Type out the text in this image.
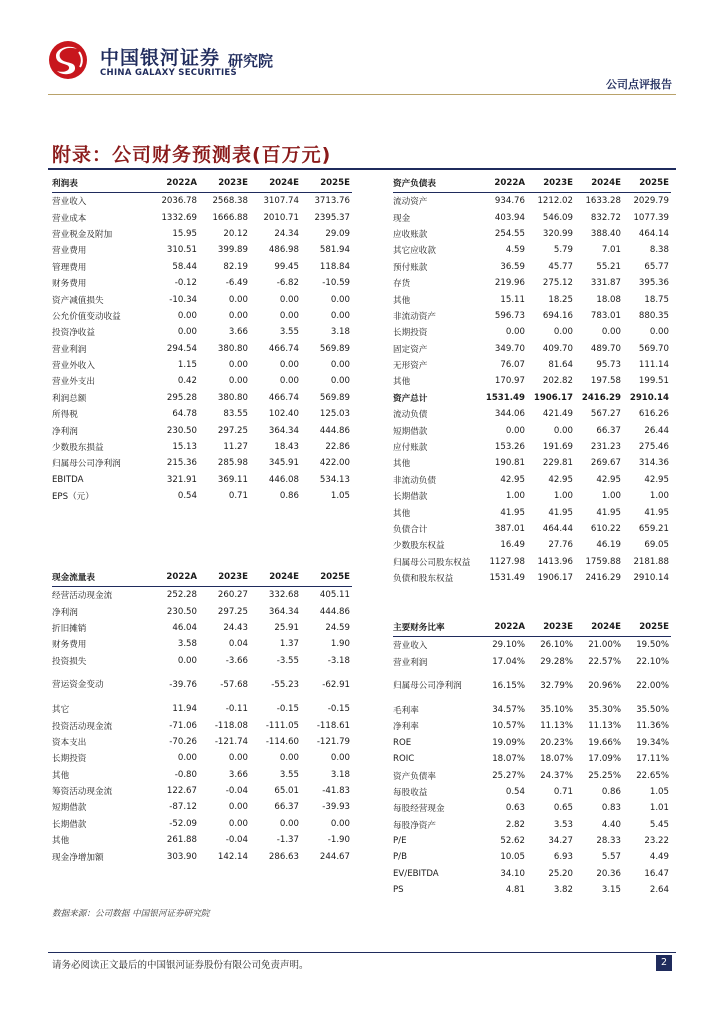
中国银河证券
CHINA GALAXY SECURITIES
研究院
公司点评报告
附录：公司财务预测表(百万元)
利润表	2022A	2023E	2024E	2025E
营业收入	2036.78	2568.38	3107.74	3713.76
营业成本	1332.69	1666.88	2010.71	2395.37
营业税金及附加	15.95	20.12	24.34	29.09
营业费用	310.51	399.89	486.98	581.94
管理费用	58.44	82.19	99.45	118.84
财务费用	-0.12	-6.49	-6.82	-10.59
资产减值损失	-10.34	0.00	0.00	0.00
公允价值变动收益	0.00	0.00	0.00	0.00
投资净收益	0.00	3.66	3.55	3.18
营业利润	294.54	380.80	466.74	569.89
营业外收入	1.15	0.00	0.00	0.00
营业外支出	0.42	0.00	0.00	0.00
利润总额	295.28	380.80	466.74	569.89
所得税	64.78	83.55	102.40	125.03
净利润	230.50	297.25	364.34	444.86
少数股东损益	15.13	11.27	18.43	22.86
归属母公司净利润	215.36	285.98	345.91	422.00
EBITDA	321.91	369.11	446.08	534.13
EPS（元）	0.54	0.71	0.86	1.05
现金流量表	2022A	2023E	2024E	2025E
经营活动现金流	252.28	260.27	332.68	405.11
净利润	230.50	297.25	364.34	444.86
折旧摊销	46.04	24.43	25.91	24.59
财务费用	3.58	0.04	1.37	1.90
投资损失	0.00	-3.66	-3.55	-3.18

营运资金变动	-39.76	-57.68	-55.23	-62.91
其它	11.94	-0.11	-0.15	-0.15
投资活动现金流	-71.06	-118.08	-111.05	-118.61
资本支出	-70.26	-121.74	-114.60	-121.79
长期投资	0.00	0.00	0.00	0.00
其他	-0.80	3.66	3.55	3.18
筹资活动现金流	122.67	-0.04	65.01	-41.83
短期借款	-87.12	0.00	66.37	-39.93
长期借款	-52.09	0.00	0.00	0.00
其他	261.88	-0.04	-1.37	-1.90
现金净增加额	303.90	142.14	286.63	244.67
资产负债表	2022A	2023E	2024E	2025E
流动资产	934.76	1212.02	1633.28	2029.79
现金	403.94	546.09	832.72	1077.39
应收账款	254.55	320.99	388.40	464.14
其它应收款	4.59	5.79	7.01	8.38
预付账款	36.59	45.77	55.21	65.77
存货	219.96	275.12	331.87	395.36
其他	15.11	18.25	18.08	18.75
非流动资产	596.73	694.16	783.01	880.35
长期投资	0.00	0.00	0.00	0.00
固定资产	349.70	409.70	489.70	569.70
无形资产	76.07	81.64	95.73	111.14
其他	170.97	202.82	197.58	199.51
资产总计	1531.49	1906.17	2416.29	2910.14
流动负债	344.06	421.49	567.27	616.26
短期借款	0.00	0.00	66.37	26.44
应付账款	153.26	191.69	231.23	275.46
其他	190.81	229.81	269.67	314.36
非流动负债	42.95	42.95	42.95	42.95
长期借款	1.00	1.00	1.00	1.00
其他	41.95	41.95	41.95	41.95
负债合计	387.01	464.44	610.22	659.21
少数股东权益	16.49	27.76	46.19	69.05
归属母公司股东权益	1127.98	1413.96	1759.88	2181.88
负债和股东权益	1531.49	1906.17	2416.29	2910.14
主要财务比率	2022A	2023E	2024E	2025E
营业收入	29.10%	26.10%	21.00%	19.50%
营业利润	17.04%	29.28%	22.57%	22.10%

归属母公司净利润	16.15%	32.79%	20.96%	22.00%
毛利率	34.57%	35.10%	35.30%	35.50%
净利率	10.57%	11.13%	11.13%	11.36%
ROE	19.09%	20.23%	19.66%	19.34%
ROIC	18.07%	18.07%	17.09%	17.11%
资产负债率	25.27%	24.37%	25.25%	22.65%
每股收益	0.54	0.71	0.86	1.05
每股经营现金	0.63	0.65	0.83	1.01
每股净资产	2.82	3.53	4.40	5.45
P/E	52.62	34.27	28.33	23.22
P/B	10.05	6.93	5.57	4.49
EV/EBITDA	34.10	25.20	20.36	16.47
PS	4.81	3.82	3.15	2.64
数据来源：公司数据 中国银河证券研究院
请务必阅读正文最后的中国银河证券股份有限公司免责声明。	2
